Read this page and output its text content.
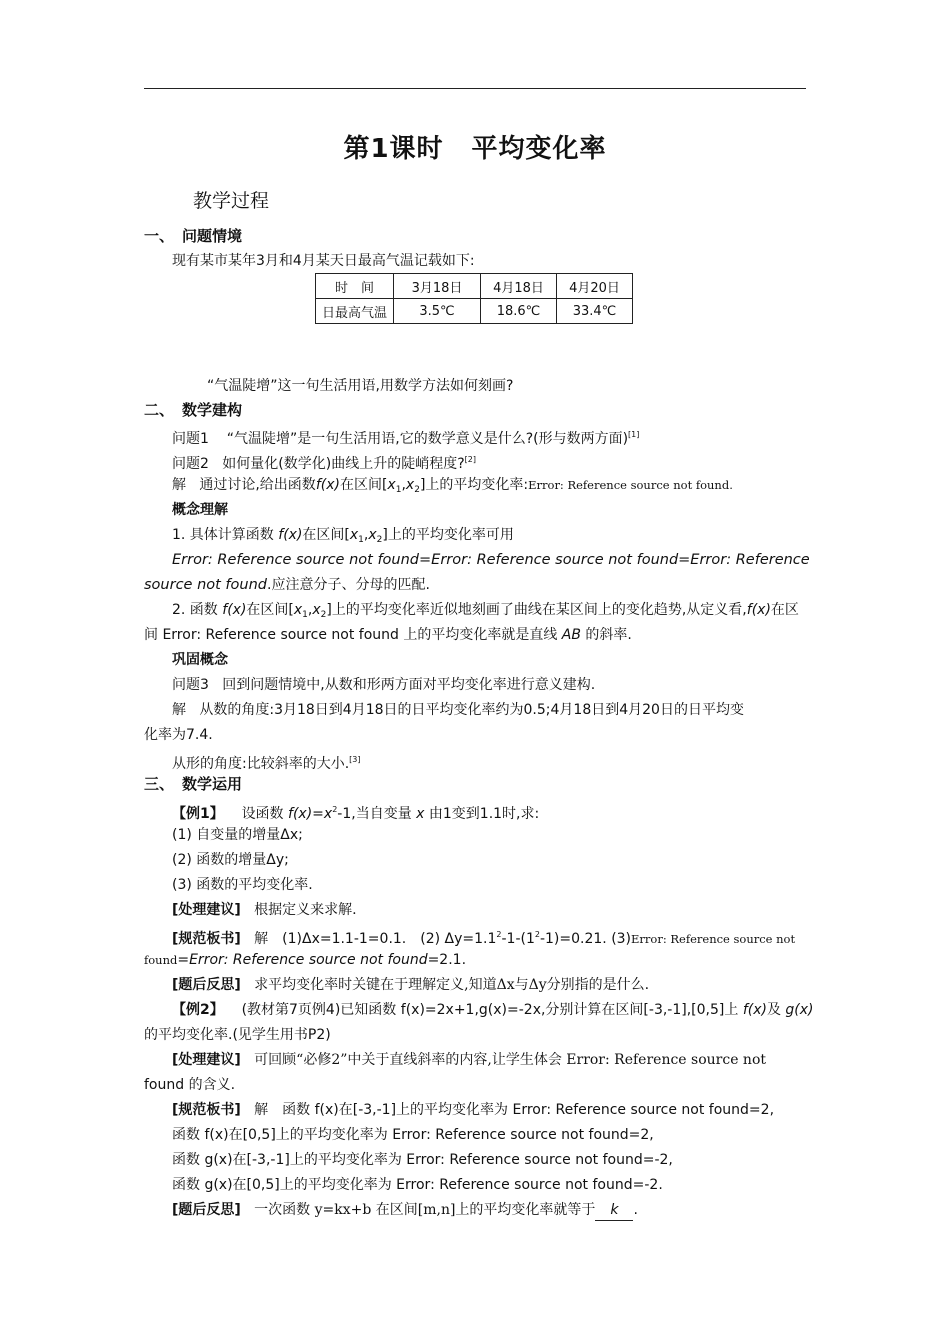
第1课时 平均变化率
教学过程
一、 问题情境
现有某市某年3月和4月某天日最高气温记载如下:
时　间	3月18日	4月18日	4月20日
日最高气温	3.5℃	18.6℃	33.4℃
“气温陡增”这一句生活用语,用数学方法如何刻画?
二、 数学建构
问题1 “气温陡增”是一句生活用语,它的数学意义是什么?(形与数两方面)[1]
问题2 如何量化(数学化)曲线上升的陡峭程度?[2]
解 通过讨论,给出函数f(x)在区间$[x_1,x_2]$上的平均变化率:Error: Reference source not found.
概念理解
1. 具体计算函数 f(x)在区间$[x_1,x_2]$上的平均变化率可用
Error: Reference source not found=Error: Reference source not found=Error: Reference
source not found.应注意分子、分母的匹配.
2. 函数 f(x)在区间$[x_1,x_2]$上的平均变化率近似地刻画了曲线在某区间上的变化趋势,从定义看,f(x)在区
间 Error: Reference source not found 上的平均变化率就是直线 AB 的斜率.
巩固概念
问题3 回到问题情境中,从数和形两方面对平均变化率进行意义建构.
解 从数的角度:3月18日到4月18日的日平均变化率约为0.5;4月18日到4月20日的日平均变
化率为7.4.
从形的角度:比较斜率的大小.[3]
三、 数学运用
【例1】 设函数 $f(x)=x^2-1$,当自变量 x 由1变到1.1时,求:
(1) 自变量的增量Δx;
(2) 函数的增量Δy;
(3) 函数的平均变化率.
[处理建议] 根据定义来求解.
[规范板书] 解　(1)Δx=1.1-1=0.1.　(2) $\Delta y=1.1^2-1-(1^2-1)=0.21$. (3)Error: Reference source not
found=Error: Reference source not found=2.1.
[题后反思] 求平均变化率时关键在于理解定义,知道Δx与Δy分别指的是什么.
【例2】 (教材第7页例4)已知函数 f(x)=2x+1,g(x)=-2x,分别计算在区间[-3,-1],[0,5]上 f(x)及 g(x)
的平均变化率.(见学生用书P2)
[处理建议] 可回顾“必修2”中关于直线斜率的内容,让学生体会 Error: Reference source not
found 的含义.
[规范板书] 解　函数 f(x)在[-3,-1]上的平均变化率为 Error: Reference source not found=2,
函数 f(x)在[0,5]上的平均变化率为 Error: Reference source not found=2,
函数 g(x)在[-3,-1]上的平均变化率为 Error: Reference source not found=-2,
函数 g(x)在[0,5]上的平均变化率为 Error: Reference source not found=-2.
[题后反思] 一次函数 y=kx+b 在区间[m,n]上的平均变化率就等于 k .
